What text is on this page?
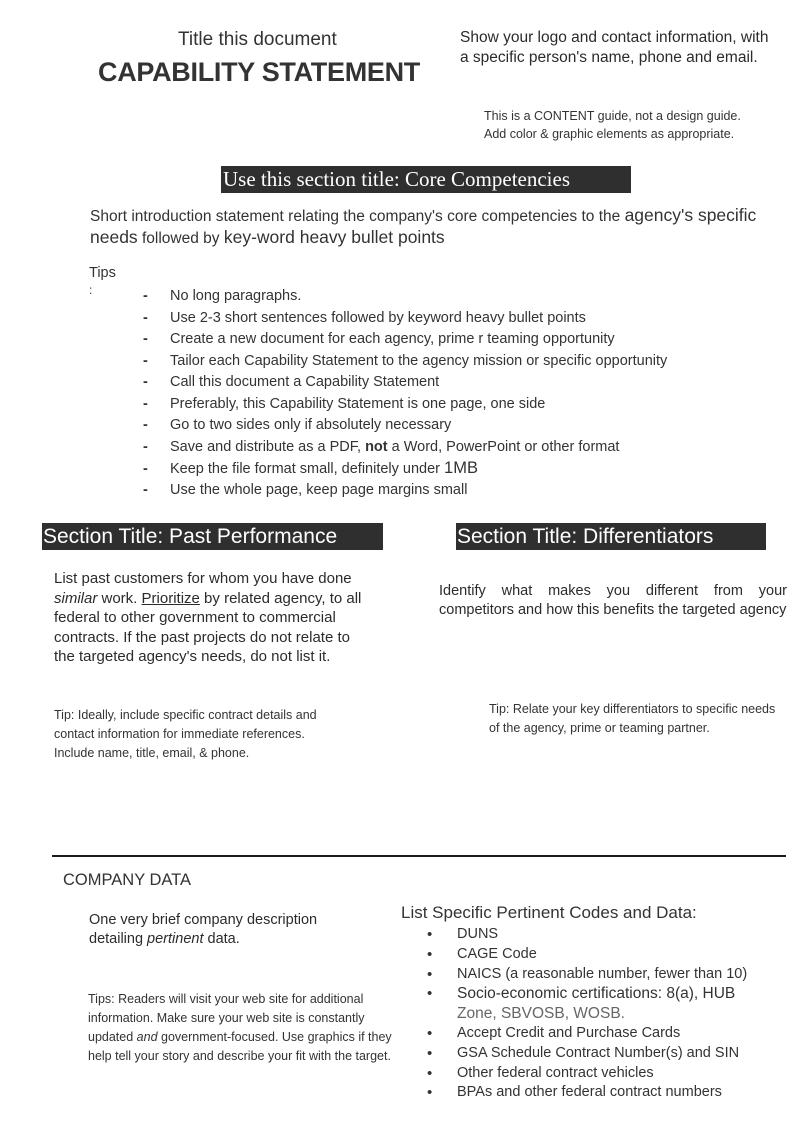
Title this document
CAPABILITY STATEMENT
Show your logo and contact information, with a specific person's name, phone and email.
This is a CONTENT guide, not a design guide.
Add color & graphic elements as appropriate.
Use this section title: Core Competencies
Short introduction statement relating the company's core competencies to the agency's specific needs followed by key-word heavy bullet points
Tips
:	- No long paragraphs.
- Use 2-3 short sentences followed by keyword heavy bullet points
- Create a new document for each agency, prime r teaming opportunity
- Tailor each Capability Statement to the agency mission or specific opportunity
- Call this document a Capability Statement
- Preferably, this Capability Statement is one page, one side
- Go to two sides only if absolutely necessary
- Save and distribute as a PDF, not a Word, PowerPoint or other format
- Keep the file format small, definitely under 1MB
- Use the whole page, keep page margins small
Section Title: Past Performance
List past customers for whom you have done similar work. Prioritize by related agency, to all federal to other government to commercial contracts. If the past projects do not relate to the targeted agency's needs, do not list it.
Tip: Ideally, include specific contract details and contact information for immediate references. Include name, title, email, & phone.
Section Title: Differentiators
Identify what makes you different from your competitors and how this benefits the targeted agency
Tip: Relate your key differentiators to specific needs of the agency, prime or teaming partner.
COMPANY DATA
One very brief company description detailing pertinent data.
Tips: Readers will visit your web site for additional information. Make sure your web site is constantly updated and government-focused. Use graphics if they help tell your story and describe your fit with the target.
List Specific Pertinent Codes and Data:
• DUNS
• CAGE Code
• NAICS (a reasonable number, fewer than 10)
• Socio-economic certifications: 8(a), HUB
Zone, SBVOSB, WOSB.
• Accept Credit and Purchase Cards
• GSA Schedule Contract Number(s) and SIN
• Other federal contract vehicles
• BPAs and other federal contract numbers
